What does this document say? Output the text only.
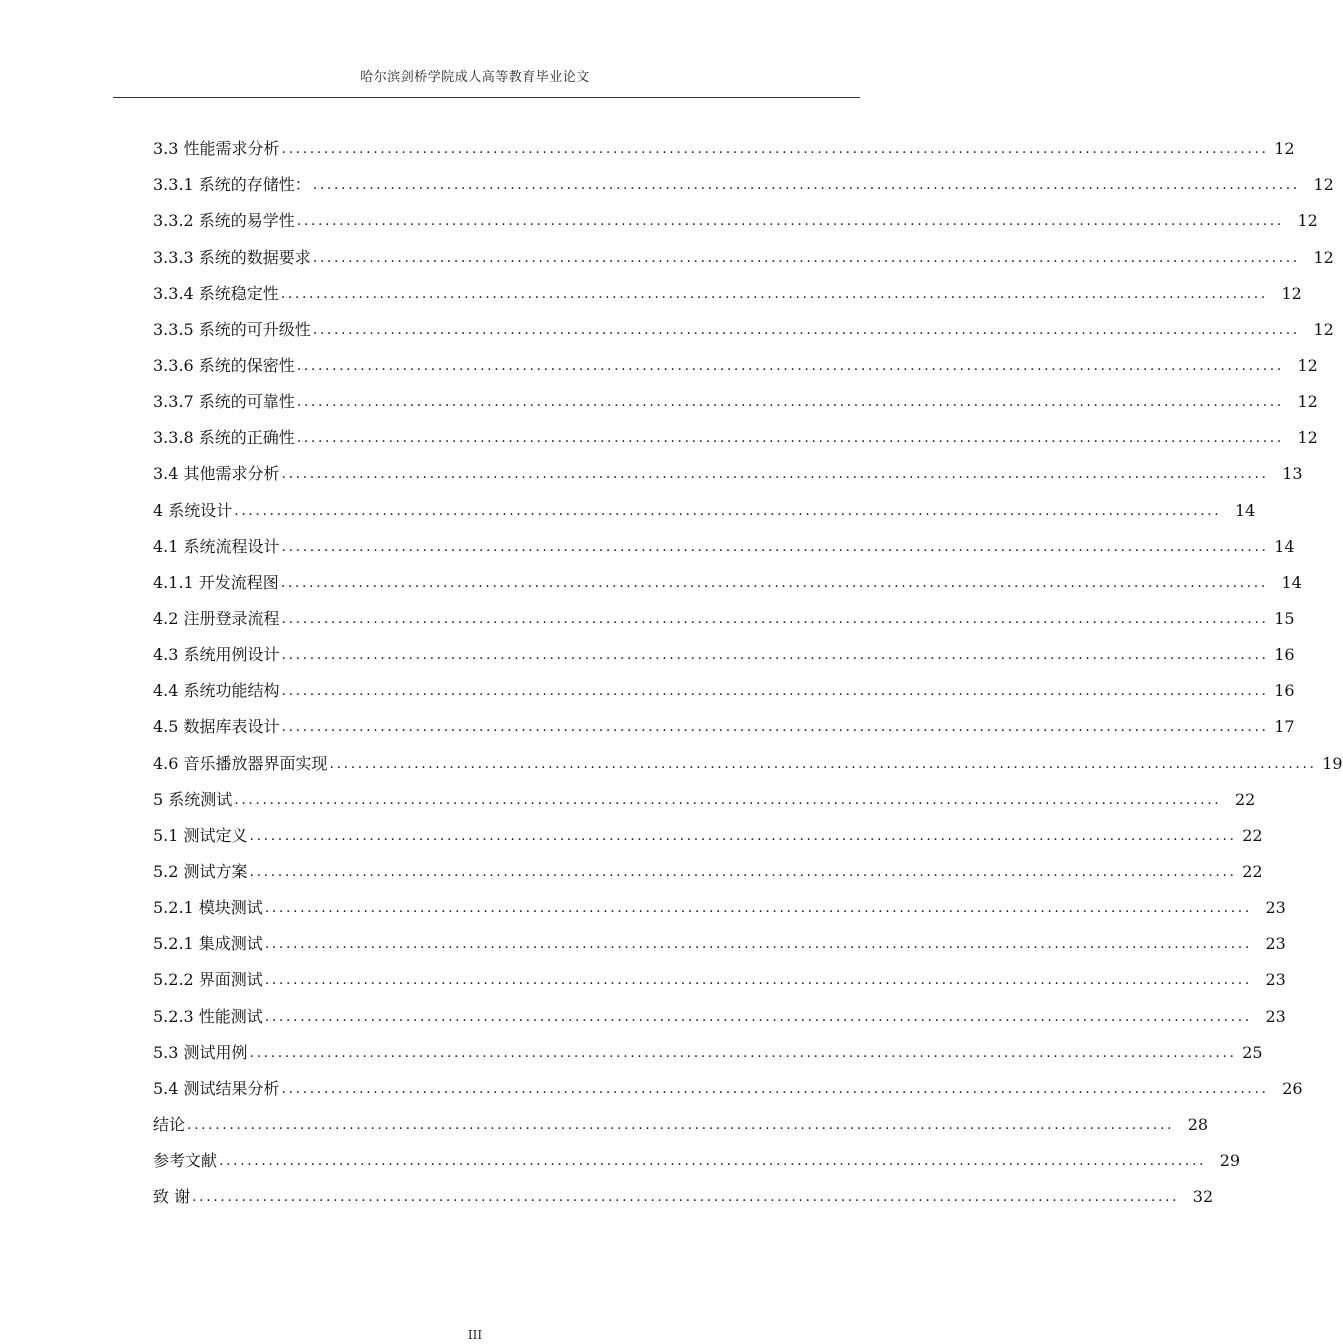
哈尔滨剑桥学院成人高等教育毕业论文
3.3 性能需求分析 ............................................................................................................................................ 12
3.3.1 系统的存储性： ............................................................................................................................................ 12
3.3.2 系统的易学性 ............................................................................................................................................ 12
3.3.3 系统的数据要求 ............................................................................................................................................ 12
3.3.4 系统稳定性 ............................................................................................................................................ 12
3.3.5 系统的可升级性 ............................................................................................................................................ 12
3.3.6 系统的保密性 ............................................................................................................................................ 12
3.3.7 系统的可靠性 ............................................................................................................................................ 12
3.3.8 系统的正确性 ............................................................................................................................................ 12
3.4 其他需求分析 ............................................................................................................................................ 13
4 系统设计 ............................................................................................................................................ 14
4.1 系统流程设计 ............................................................................................................................................ 14
4.1.1 开发流程图 ............................................................................................................................................ 14
4.2 注册登录流程 ............................................................................................................................................ 15
4.3 系统用例设计 ............................................................................................................................................ 16
4.4 系统功能结构 ............................................................................................................................................ 16
4.5 数据库表设计 ............................................................................................................................................ 17
4.6 音乐播放器界面实现 ............................................................................................................................................ 19
5 系统测试 ............................................................................................................................................ 22
5.1 测试定义 ............................................................................................................................................ 22
5.2 测试方案 ............................................................................................................................................ 22
5.2.1 模块测试 ............................................................................................................................................ 23
5.2.1 集成测试 ............................................................................................................................................ 23
5.2.2 界面测试 ............................................................................................................................................ 23
5.2.3 性能测试 ............................................................................................................................................ 23
5.3 测试用例 ............................................................................................................................................ 25
5.4 测试结果分析 ............................................................................................................................................ 26
结论 ............................................................................................................................................ 28
参考文献 ............................................................................................................................................ 29
致 谢 ............................................................................................................................................ 32
III
